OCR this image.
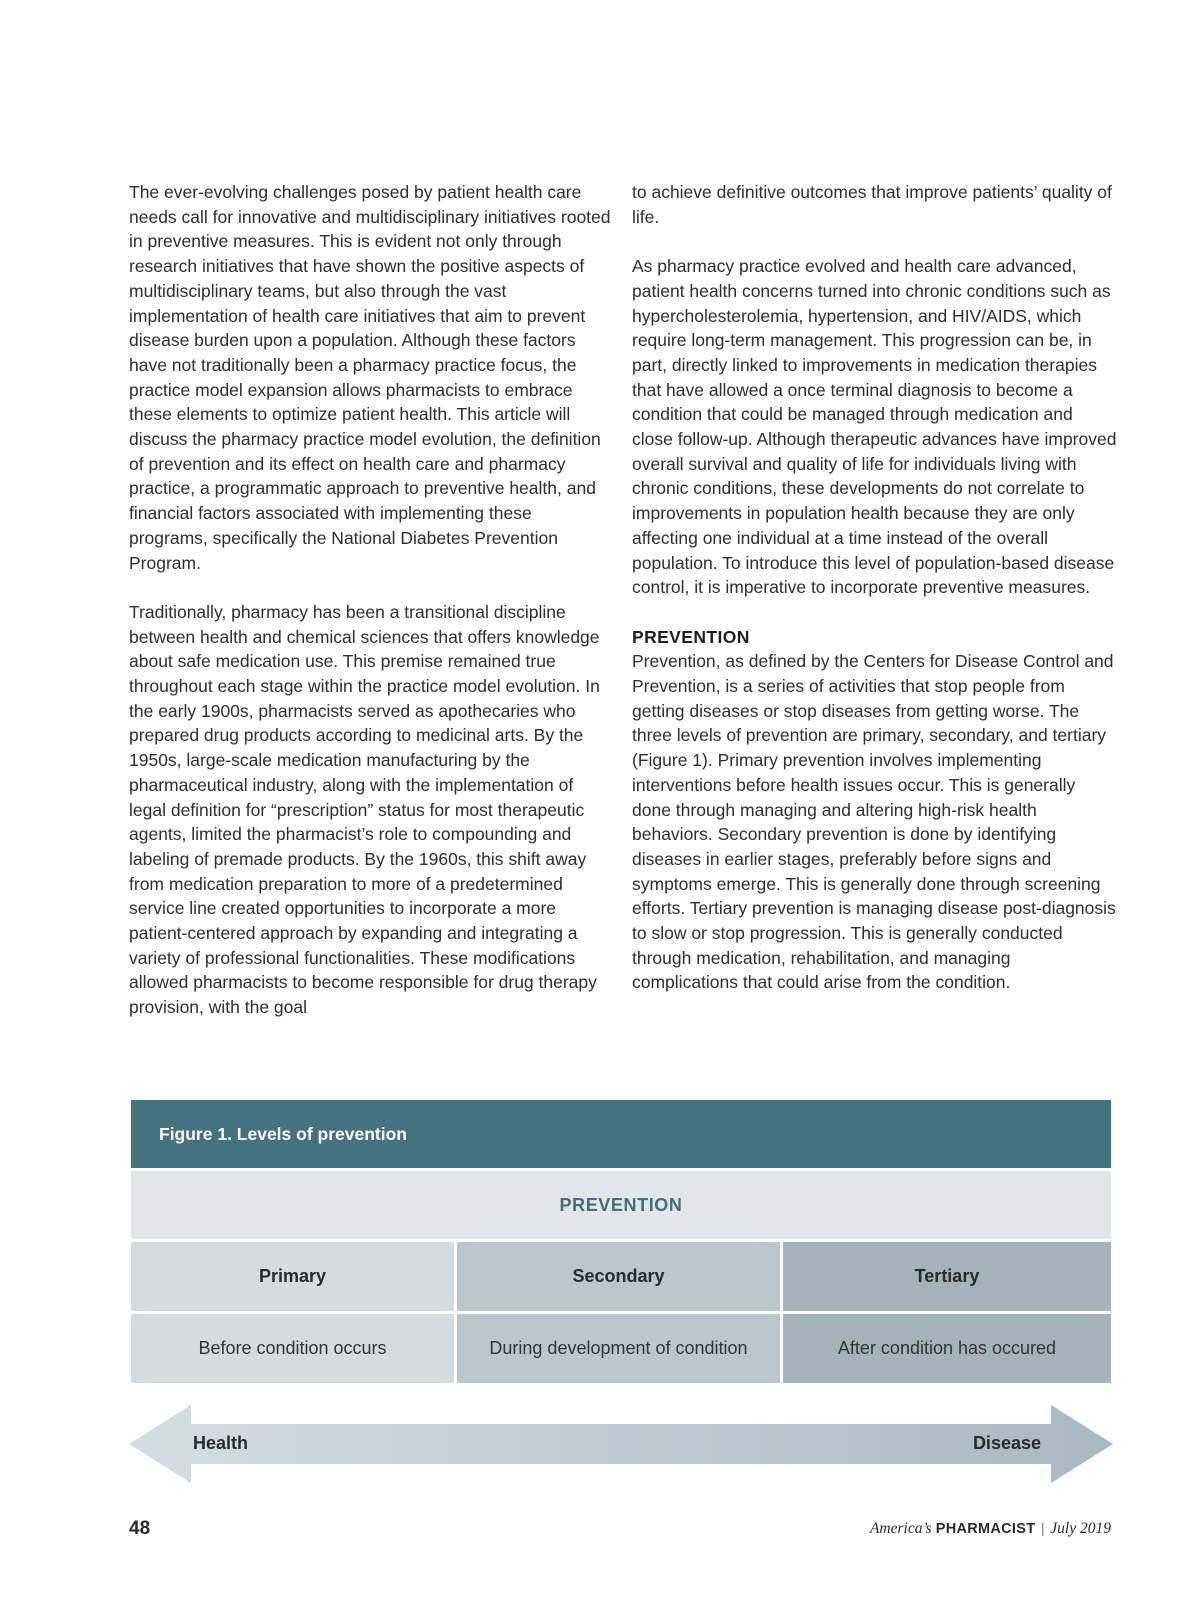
The ever-evolving challenges posed by patient health care needs call for innovative and multidisciplinary initiatives rooted in preventive measures. This is evident not only through research initiatives that have shown the positive aspects of multidisciplinary teams, but also through the vast implementation of health care initiatives that aim to prevent disease burden upon a population. Although these factors have not traditionally been a pharmacy practice focus, the practice model expansion allows pharmacists to embrace these elements to optimize patient health. This article will discuss the pharmacy practice model evolution, the definition of prevention and its effect on health care and pharmacy practice, a programmatic approach to preventive health, and financial factors associated with implementing these programs, specifically the National Diabetes Prevention Program.

Traditionally, pharmacy has been a transitional discipline between health and chemical sciences that offers knowledge about safe medication use. This premise remained true throughout each stage within the practice model evolution. In the early 1900s, pharmacists served as apothecaries who prepared drug products according to medicinal arts. By the 1950s, large-scale medication manufacturing by the pharmaceutical industry, along with the implementation of legal definition for “prescription” status for most therapeutic agents, limited the pharmacist’s role to compounding and labeling of premade products. By the 1960s, this shift away from medication preparation to more of a predetermined service line created opportunities to incorporate a more patient-centered approach by expanding and integrating a variety of professional functionalities. These modifications allowed pharmacists to become responsible for drug therapy provision, with the goal

to achieve definitive outcomes that improve patients’ quality of life.

As pharmacy practice evolved and health care advanced, patient health concerns turned into chronic conditions such as hypercholesterolemia, hypertension, and HIV/AIDS, which require long-term management. This progression can be, in part, directly linked to improvements in medication therapies that have allowed a once terminal diagnosis to become a condition that could be managed through medication and close follow-up. Although therapeutic advances have improved overall survival and quality of life for individuals living with chronic conditions, these developments do not correlate to improvements in population health because they are only affecting one individual at a time instead of the overall population. To introduce this level of population-based disease control, it is imperative to incorporate preventive measures.

PREVENTION

Prevention, as defined by the Centers for Disease Control and Prevention, is a series of activities that stop people from getting diseases or stop diseases from getting worse. The three levels of prevention are primary, secondary, and tertiary (Figure 1). Primary prevention involves implementing interventions before health issues occur. This is generally done through managing and altering high-risk health behaviors. Secondary prevention is done by identifying diseases in earlier stages, preferably before signs and symptoms emerge. This is generally done through screening efforts. Tertiary prevention is managing disease post-diagnosis to slow or stop progression. This is generally conducted through medication, rehabilitation, and managing complications that could arise from the condition.

Figure 1. Levels of prevention
PREVENTION
Primary	Secondary	Tertiary
Before condition occurs	During development of condition	After condition has occured
Health	Disease
48	America’s PHARMACIST | July 2019
